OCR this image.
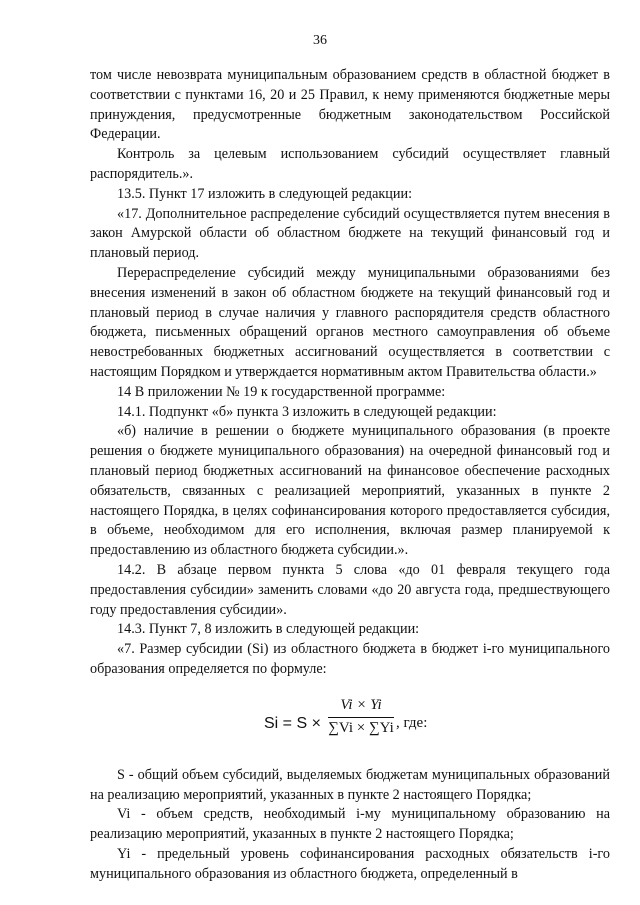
36

том числе невозврата муниципальным образованием средств в областной бюджет в соответствии с пунктами 16, 20 и 25 Правил, к нему применяются бюджетные меры принуждения, предусмотренные бюджетным законодательством Российской Федерации.

Контроль за целевым использованием субсидий осуществляет главный распорядитель.».

13.5. Пункт 17 изложить в следующей редакции:

«17. Дополнительное распределение субсидий осуществляется путем внесения в закон Амурской области об областном бюджете на текущий финансовый год и плановый период.

Перераспределение субсидий между муниципальными образованиями без внесения изменений в закон об областном бюджете на текущий финансовый год и плановый период в случае наличия у главного распорядителя средств областного бюджета, письменных обращений органов местного самоуправления об объеме невостребованных бюджетных ассигнований осуществляется в соответствии с настоящим Порядком и утверждается нормативным актом Правительства области.»

14 В приложении № 19 к государственной программе:

14.1. Подпункт «б» пункта 3 изложить в следующей редакции:

«б) наличие в решении о бюджете муниципального образования (в проекте решения о бюджете муниципального образования) на очередной финансовый год и плановый период бюджетных ассигнований на финансовое обеспечение расходных обязательств, связанных с реализацией мероприятий, указанных в пункте 2 настоящего Порядка, в целях софинансирования которого предоставляется субсидия, в объеме, необходимом для его исполнения, включая размер планируемой к предоставлению из областного бюджета субсидии.».

14.2. В абзаце первом пункта 5 слова «до 01 февраля текущего года предоставления субсидии» заменить словами «до 20 августа года, предшествующего году предоставления субсидии».

14.3. Пункт 7, 8 изложить в следующей редакции:

«7. Размер субсидии (Si) из областного бюджета в бюджет i-го муниципального образования определяется по формуле:

$Si = S \times \frac{Vi \times Yi}{\sum Vi \times \sum Yi}$ , где:

S - общий объем субсидий, выделяемых бюджетам муниципальных образований на реализацию мероприятий, указанных в пункте 2 настоящего Порядка;

Vi - объем средств, необходимый i-му муниципальному образованию на реализацию мероприятий, указанных в пункте 2 настоящего Порядка;

Yi - предельный уровень софинансирования расходных обязательств i-го муниципального образования из областного бюджета, определенный в
